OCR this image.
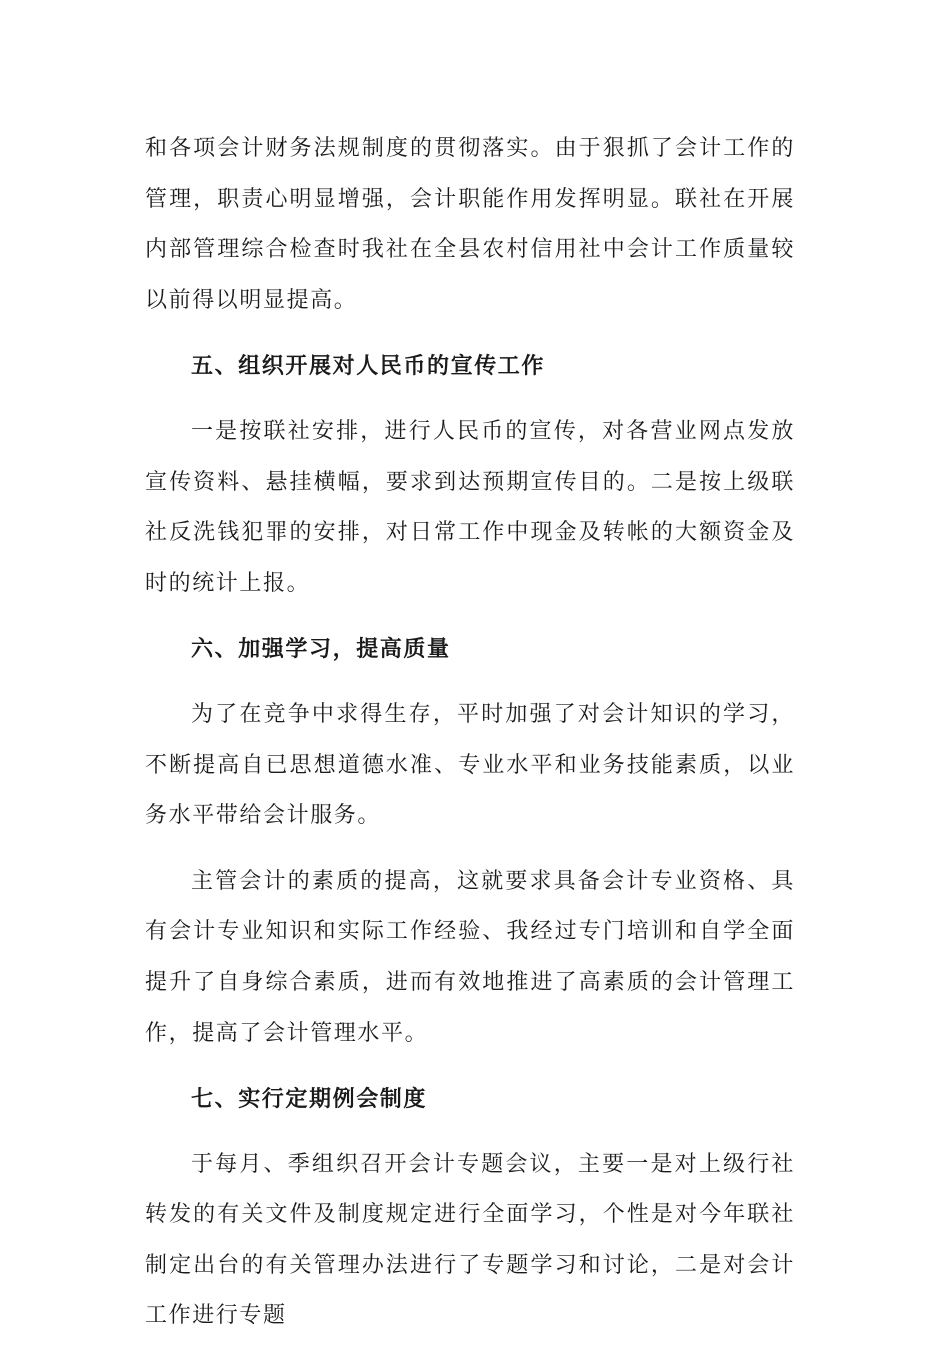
和各项会计财务法规制度的贯彻落实。由于狠抓了会计工作的管理，职责心明显增强，会计职能作用发挥明显。联社在开展内部管理综合检查时我社在全县农村信用社中会计工作质量较以前得以明显提高。

五、组织开展对人民币的宣传工作

一是按联社安排，进行人民币的宣传，对各营业网点发放宣传资料、悬挂横幅，要求到达预期宣传目的。二是按上级联社反洗钱犯罪的安排，对日常工作中现金及转帐的大额资金及时的统计上报。

六、加强学习，提高质量

为了在竞争中求得生存，平时加强了对会计知识的学习，不断提高自已思想道德水准、专业水平和业务技能素质，以业务水平带给会计服务。

主管会计的素质的提高，这就要求具备会计专业资格、具有会计专业知识和实际工作经验、我经过专门培训和自学全面提升了自身综合素质，进而有效地推进了高素质的会计管理工作，提高了会计管理水平。

七、实行定期例会制度

于每月、季组织召开会计专题会议，主要一是对上级行社转发的有关文件及制度规定进行全面学习，个性是对今年联社制定出台的有关管理办法进行了专题学习和讨论，二是对会计工作进行专题
